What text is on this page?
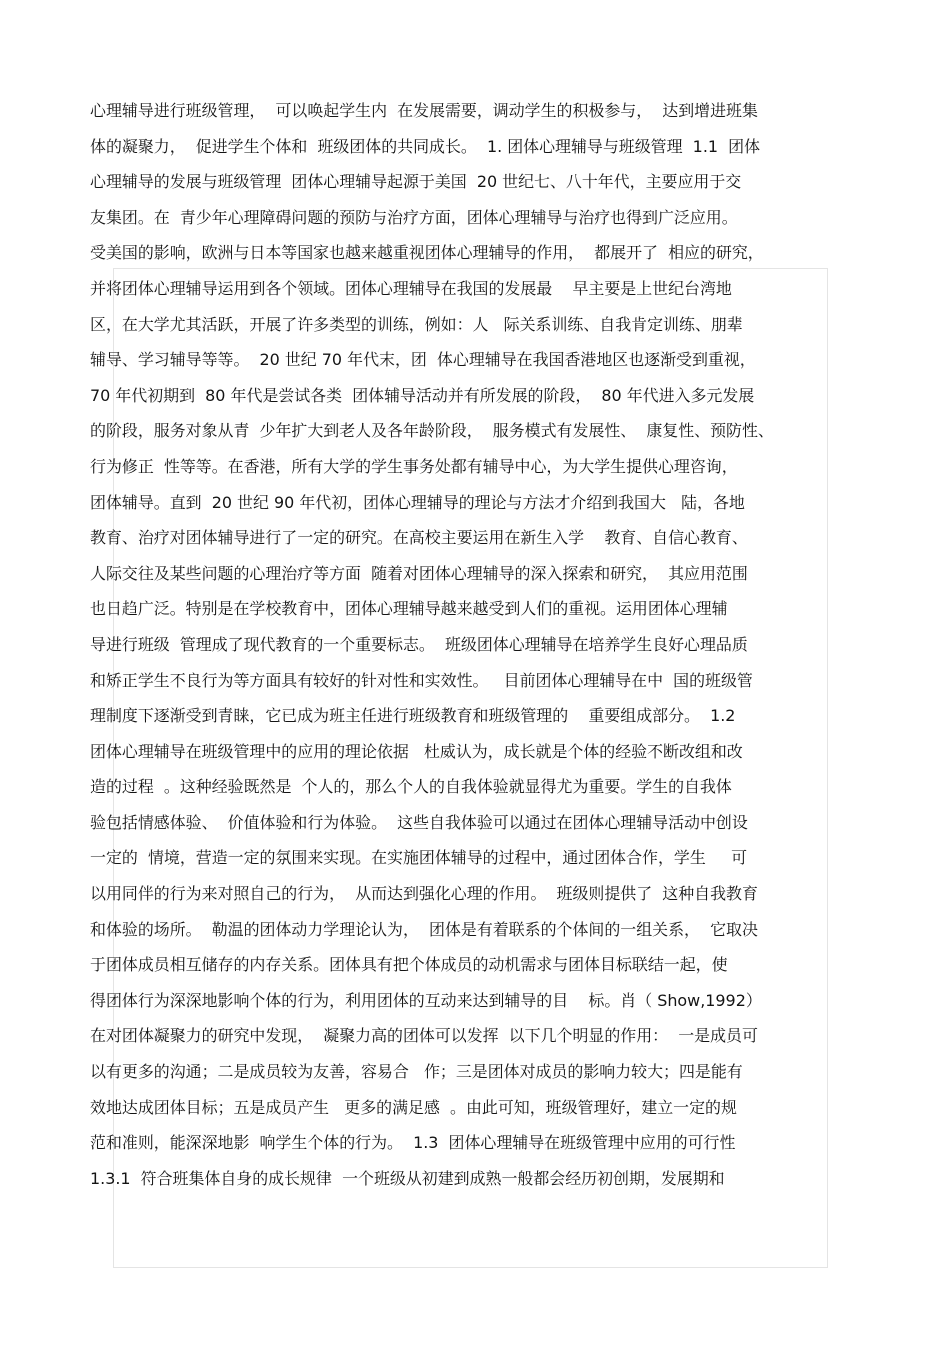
心理辅导进行班级管理，  可以唤起学生内  在发展需要，调动学生的积极参与，  达到增进班集
体的凝聚力，  促进学生个体和  班级团体的共同成长。  1. 团体心理辅导与班级管理  1.1  团体
心理辅导的发展与班级管理  团体心理辅导起源于美国  20 世纪七、八十年代，主要应用于交
友集团。在  青少年心理障碍问题的预防与治疗方面，团体心理辅导与治疗也得到广泛应用。
受美国的影响，欧洲与日本等国家也越来越重视团体心理辅导的作用，  都展开了  相应的研究，
并将团体心理辅导运用到各个领域。团体心理辅导在我国的发展最    早主要是上世纪台湾地
区，在大学尤其活跃，开展了许多类型的训练，例如：人   际关系训练、自我肯定训练、朋辈
辅导、学习辅导等等。  20 世纪 70 年代末，团  体心理辅导在我国香港地区也逐渐受到重视，
70 年代初期到  80 年代是尝试各类  团体辅导活动并有所发展的阶段，  80 年代进入多元发展
的阶段，服务对象从青  少年扩大到老人及各年龄阶段，  服务模式有发展性、  康复性、预防性、
行为修正  性等等。在香港，所有大学的学生事务处都有辅导中心，为大学生提供心理咨询，
团体辅导。直到  20 世纪 90 年代初，团体心理辅导的理论与方法才介绍到我国大   陆，各地
教育、治疗对团体辅导进行了一定的研究。在高校主要运用在新生入学    教育、自信心教育、
人际交往及某些问题的心理治疗等方面  随着对团体心理辅导的深入探索和研究，  其应用范围
也日趋广泛。特别是在学校教育中，团体心理辅导越来越受到人们的重视。运用团体心理辅
导进行班级  管理成了现代教育的一个重要标志。  班级团体心理辅导在培养学生良好心理品质
和矫正学生不良行为等方面具有较好的针对性和实效性。   目前团体心理辅导在中  国的班级管
理制度下逐渐受到青睐，它已成为班主任进行班级教育和班级管理的    重要组成部分。  1.2
团体心理辅导在班级管理中的应用的理论依据   杜威认为，成长就是个体的经验不断改组和改
造的过程  。这种经验既然是  个人的，那么个人的自我体验就显得尤为重要。学生的自我体
验包括情感体验、  价值体验和行为体验。  这些自我体验可以通过在团体心理辅导活动中创设
一定的  情境，营造一定的氛围来实现。在实施团体辅导的过程中，通过团体合作，学生     可
以用同伴的行为来对照自己的行为，  从而达到强化心理的作用。  班级则提供了  这种自我教育
和体验的场所。  勒温的团体动力学理论认为，  团体是有着联系的个体间的一组关系，  它取决
于团体成员相互储存的内存关系。团体具有把个体成员的动机需求与团体目标联结一起，使
得团体行为深深地影响个体的行为，利用团体的互动来达到辅导的目    标。肖（ Show,1992）
在对团体凝聚力的研究中发现，  凝聚力高的团体可以发挥  以下几个明显的作用：  一是成员可
以有更多的沟通；二是成员较为友善，容易合   作；三是团体对成员的影响力较大；四是能有
效地达成团体目标；五是成员产生   更多的满足感  。由此可知，班级管理好，建立一定的规
范和准则，能深深地影  响学生个体的行为。  1.3  团体心理辅导在班级管理中应用的可行性
1.3.1  符合班集体自身的成长规律  一个班级从初建到成熟一般都会经历初创期，发展期和
